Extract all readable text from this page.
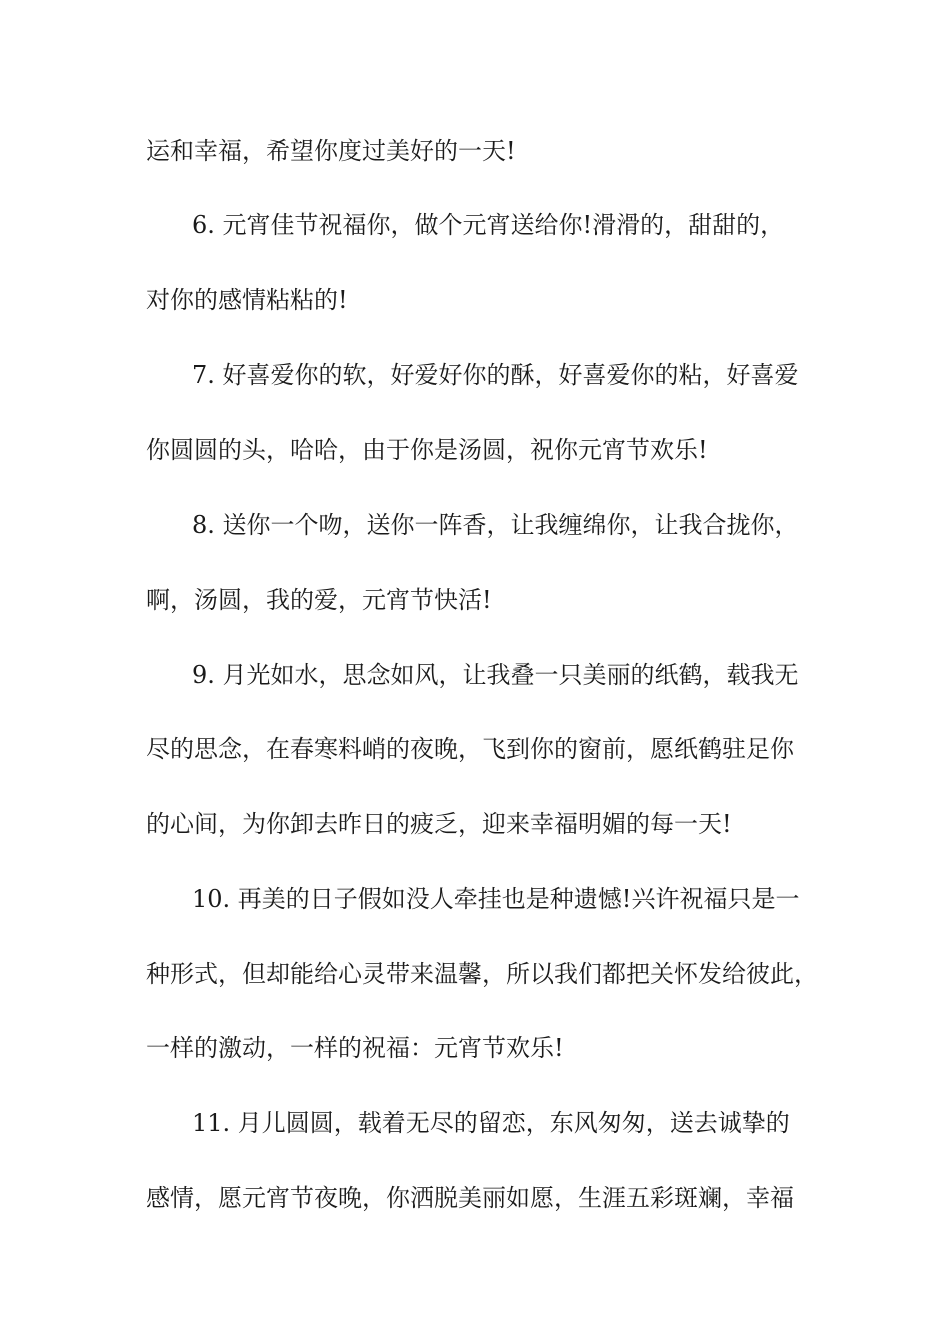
运和幸福，希望你度过美好的一天!
6. 元宵佳节祝福你，做个元宵送给你!滑滑的，甜甜的，
对你的感情粘粘的!
7. 好喜爱你的软，好爱好你的酥，好喜爱你的粘，好喜爱
你圆圆的头，哈哈，由于你是汤圆，祝你元宵节欢乐!
8. 送你一个吻，送你一阵香，让我缠绵你，让我合拢你，
啊，汤圆，我的爱，元宵节快活!
9. 月光如水，思念如风，让我叠一只美丽的纸鹤，载我无
尽的思念，在春寒料峭的夜晚，飞到你的窗前，愿纸鹤驻足你
的心间，为你卸去昨日的疲乏，迎来幸福明媚的每一天!
10. 再美的日子假如没人牵挂也是种遗憾!兴许祝福只是一
种形式，但却能给心灵带来温馨，所以我们都把关怀发给彼此，
一样的激动，一样的祝福：元宵节欢乐!
11. 月儿圆圆，载着无尽的留恋，东风匆匆，送去诚挚的
感情，愿元宵节夜晚，你洒脱美丽如愿，生涯五彩斑斓，幸福
